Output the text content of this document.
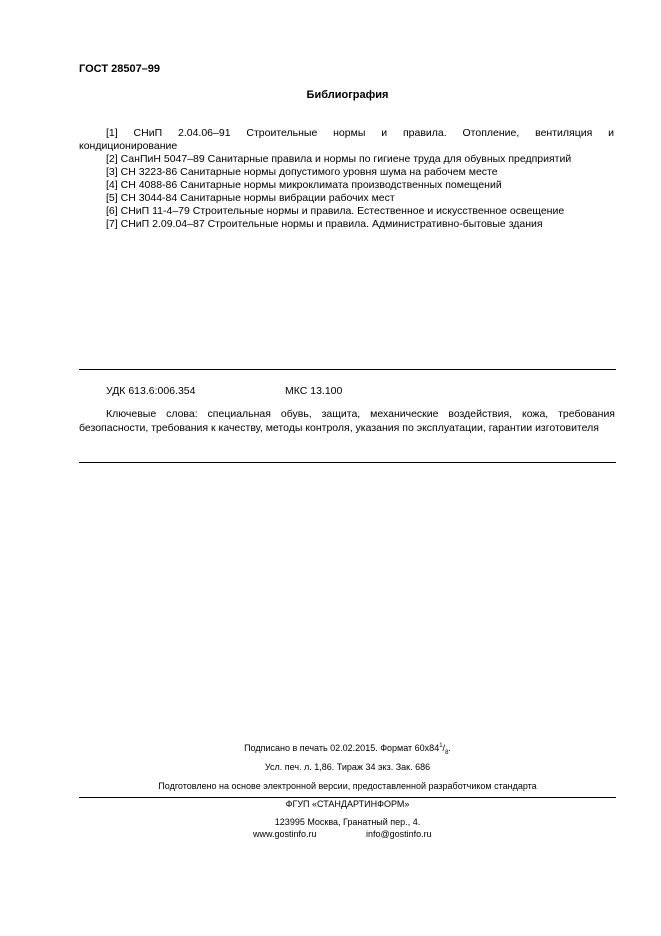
ГОСТ 28507–99
Библиография
[1] СНиП 2.04.06–91 Строительные нормы и правила. Отопление, вентиляция и
кондиционирование
[2] СанПиН 5047–89 Санитарные правила и нормы по гигиене труда для обувных предприятий
[3] СН 3223-86 Санитарные нормы допустимого уровня шума на рабочем месте
[4] СН 4088-86 Санитарные нормы микроклимата производственных помещений
[5] СН 3044-84 Санитарные нормы вибрации рабочих мест
[6] СНиП 11-4–79 Строительные нормы и правила. Естественное и искусственное освещение
[7] СНиП 2.09.04–87 Строительные нормы и правила. Административно-бытовые здания
УДК 613.6:006.354	МКС 13.100
Ключевые слова: специальная обувь, защита, механические воздействия, кожа, требования безопасности, требования к качеству, методы контроля, указания по эксплуатации, гарантии изготовителя
Подписано в печать 02.02.2015. Формат $60х84^1/_8$.
Усл. печ. л. 1,86. Тираж 34 экз. Зак. 686
Подготовлено на основе электронной версии, предоставленной разработчиком стандарта
ФГУП «СТАНДАРТИНФОРМ»
123995 Москва, Гранатный пер., 4.
www.gostinfo.ru	info@gostinfo.ru
